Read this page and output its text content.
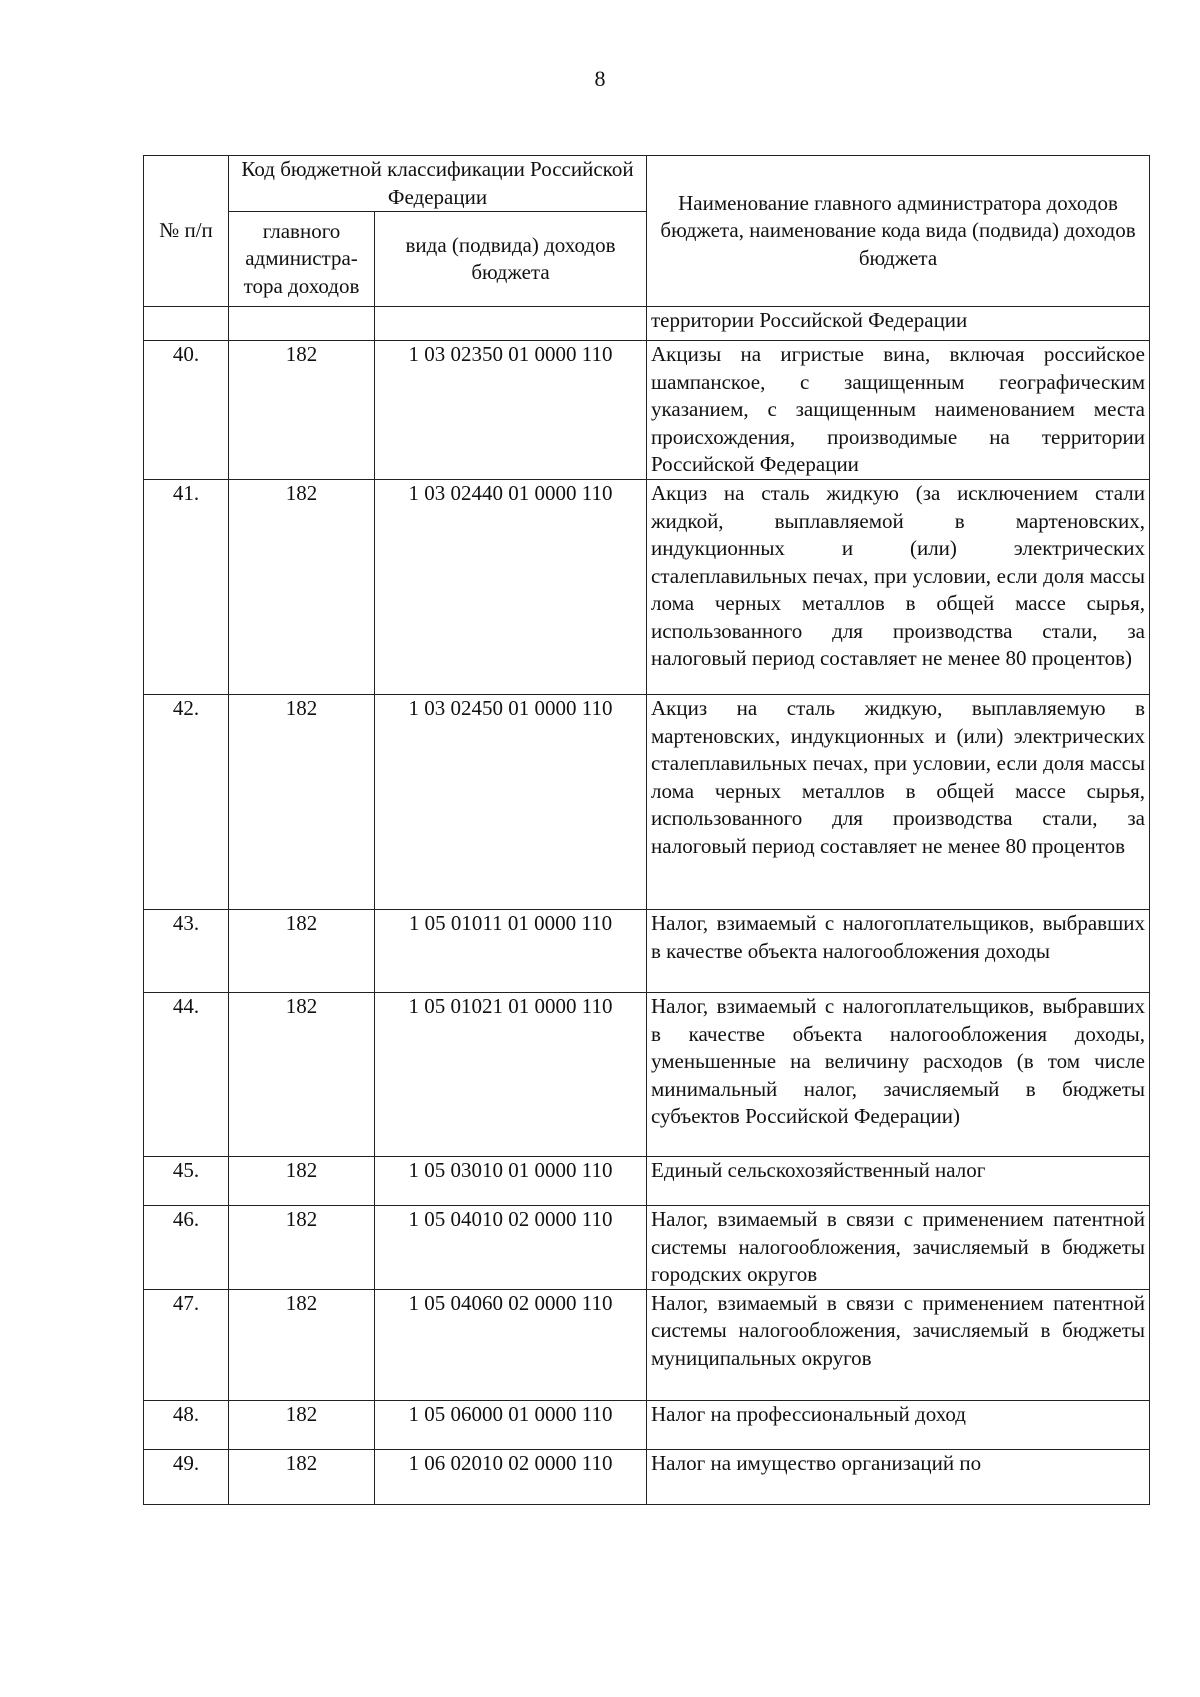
8
№ п/п	Код бюджетной классификации Российской Федерации		Наименование главного администратора доходов бюджета, наименование кода вида (подвида) доходов бюджета
	главного администра-тора доходов	вида (подвида) доходов бюджета	
			территории Российской Федерации
40.	182	1 03 02350 01 0000 110	Акцизы на игристые вина, включая российское шампанское, с защищенным географическим указанием, с защищенным наименованием места происхождения, производимые на территории Российской Федерации
41.	182	1 03 02440 01 0000 110	Акциз на сталь жидкую (за исключением стали жидкой, выплавляемой в мартеновских, индукционных и (или) электрических сталеплавильных печах, при условии, если доля массы лома черных металлов в общей массе сырья, использованного для производства стали, за налоговый период составляет не менее 80 процентов)
42.	182	1 03 02450 01 0000 110	Акциз на сталь жидкую, выплавляемую в мартеновских, индукционных и (или) электрических сталеплавильных печах, при условии, если доля массы лома черных металлов в общей массе сырья, использованного для производства стали, за налоговый период составляет не менее 80 процентов
43.	182	1 05 01011 01 0000 110	Налог, взимаемый с налогоплательщиков, выбравших в качестве объекта налогообложения доходы
44.	182	1 05 01021 01 0000 110	Налог, взимаемый с налогоплательщиков, выбравших в качестве объекта налогообложения доходы, уменьшенные на величину расходов (в том числе минимальный налог, зачисляемый в бюджеты субъектов Российской Федерации)
45.	182	1 05 03010 01 0000 110	Единый сельскохозяйственный налог
46.	182	1 05 04010 02 0000 110	Налог, взимаемый в связи с применением патентной системы налогообложения, зачисляемый в бюджеты городских округов
47.	182	1 05 04060 02 0000 110	Налог, взимаемый в связи с применением патентной системы налогообложения, зачисляемый в бюджеты муниципальных округов
48.	182	1 05 06000 01 0000 110	Налог на профессиональный доход
49.	182	1 06 02010 02 0000 110	Налог на имущество организаций по
